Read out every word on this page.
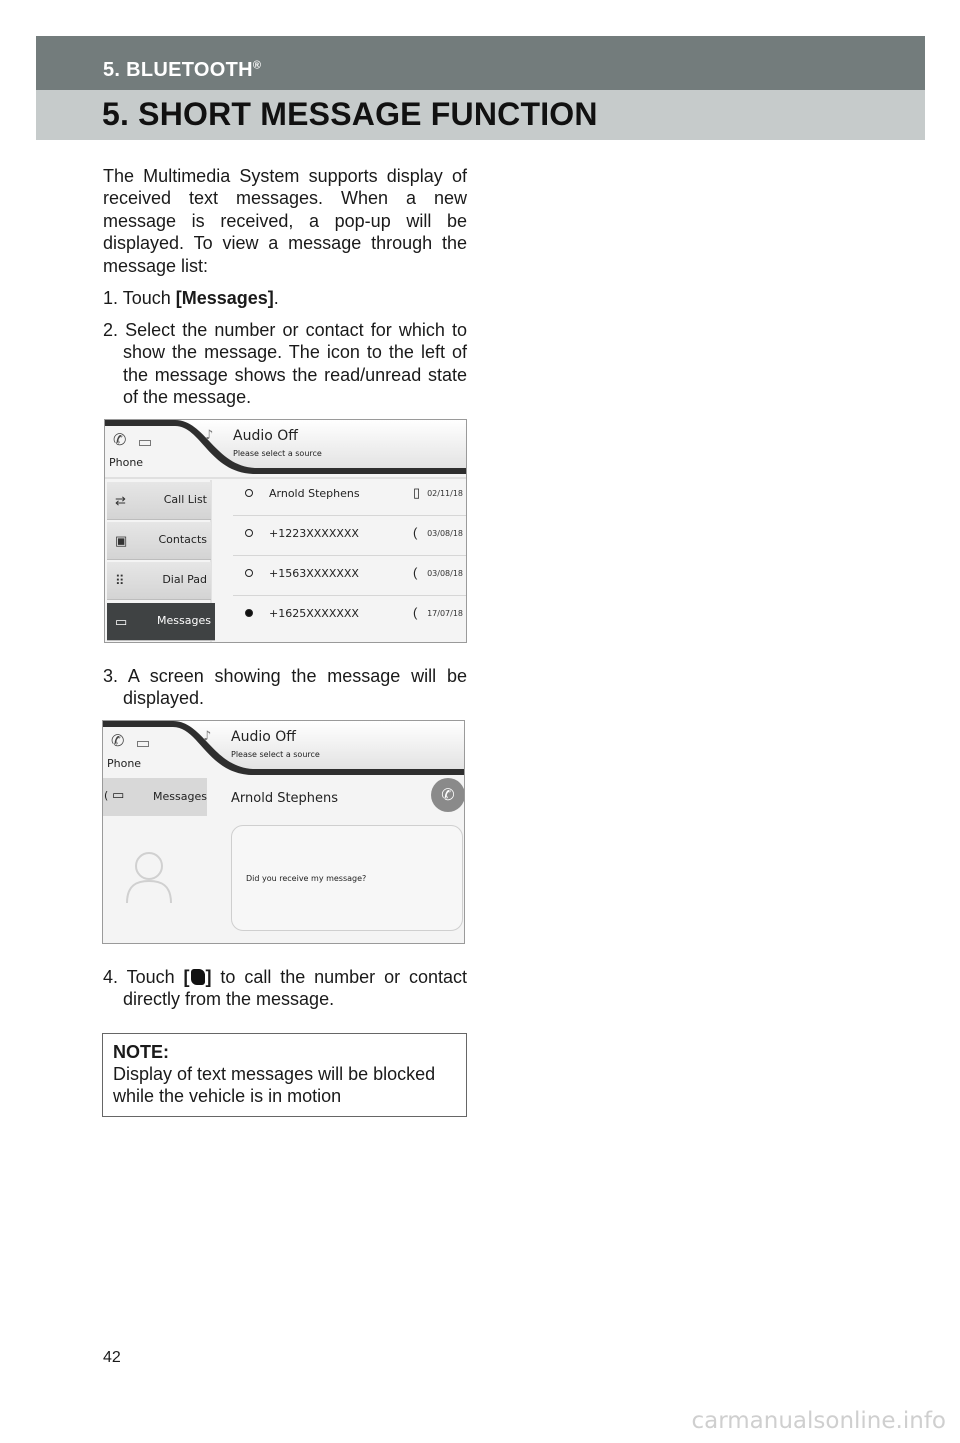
5. BLUETOOTH®
5. SHORT MESSAGE FUNCTION
The Multimedia System supports display of received text messages. When a new message is received, a pop-up will be displayed. To view a message through the message list:
1. Touch [Messages].
2. Select the number or contact for which to show the message. The icon to the left of the message shows the read/unread state of the message.
✆
Phone
♪ Audio Off
Please select a source
⇄	Call List
▣	Contacts
⠿	Dial Pad
▭	Messages
Arnold Stephens	▯ 02/11/18
+1223XXXXXXX	( 03/08/18
+1563XXXXXXX	( 03/08/18
+1625XXXXXXX	( 17/07/18
3. A screen showing the message will be displayed.
✆
Phone
♪ Audio Off
Please select a source
( ▭	Messages Arnold Stephens	✆
Did you receive my message?
4. Touch [ ] to call the number or contact directly from the message.
NOTE:
Display of text messages will be blocked while the vehicle is in motion
42
carmanualsonline.info
